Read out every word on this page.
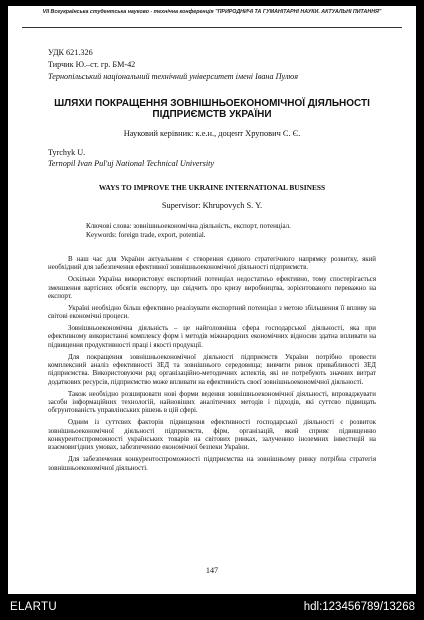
VII Всеукраїнська студентська науково - технічна конференція "ПРИРОДНИЧІ ТА ГУМАНІТАРНІ НАУКИ. АКТУАЛЬНІ ПИТАННЯ"
УДК 621.326
Тирчик Ю.–ст. гр. БМ-42
Тернопільський національний технічний університет імені Івана Пулюя
ШЛЯХИ ПОКРАЩЕННЯ ЗОВНІШНЬОЕКОНОМІЧНОЇ ДІЯЛЬНОСТІ ПІДПРИЄМСТВ УКРАЇНИ
Науковий керівник: к.е.н., доцент Хрупович С. Є.
Tyrchyk U.
Ternopil Ivan Pul'uj National Technical University
WAYS TO IMPROVE THE UKRAINE INTERNATIONAL BUSINESS
Supervisor: Khrupovych S. Y.
Ключові слова: зовнішньоекономічна діяльність, експорт, потенціал.
Keywords: foreign trade, export, potential.

В наш час для України актуальним є створення єдиного стратегічного напрямку розвитку, який необхідний для забезпечення ефективної зовнішньоекономічної діяльності підприємств.

Оскільки Україна використовує експортний потенціал недостатньо ефективно, тому спостерігається зменшення вартісних обсягів експорту, що свідчить про кризу виробництва, зорієнтованого переважно на експорт.

Україні необхідно більш ефективно реалізувати експортний потенціал з метою збільшення її впливу на світові економічні процеси.

Зовнішньоекономічна діяльність – це найголовніша сфера господарської діяльності, яка при ефективному використанні комплексу форм і методів міжнародних економічних відносин здатна впливати на підвищення продуктивності праці і якості продукції.

Для покращення зовнішньоекономічної діяльності підприємств України потрібно провести комплексний аналіз ефективності ЗЕД та зовнішнього середовища; вивчити ринок привабливості ЗЕД підприємства. Використовуючи ряд організаційно-методичних аспектів, які не потребують значних витрат додаткових ресурсів, підприємство може впливати на ефективність своєї зовнішньоекономічної діяльності.

Також необхідно розширювати нові форми ведення зовнішньоекономічної діяльності, впроваджувати засоби інформаційних технологій, найновіших аналітичних методів і підходів, які суттєво підвищать обгрунтованість управлінських рішень в цій сфері.

Одним із суттєвих факторів підвищення ефективності господарської діяльності є розвиток зовнішньоекономічної діяльності підприємств, фірм, організацій, який сприяє підвищенню конкурентоспроможності українських товарів на світових ринках, залученню іноземних інвестицій на взаємовигідних умовах, забезпеченню економічної безпеки України.

Для забезпечення конкурентоспроможності підприємства на зовнішньому ринку потрібна стратегія зовнішньоекономічної діяльності.

147
ELARTU	hdl:123456789/13268
